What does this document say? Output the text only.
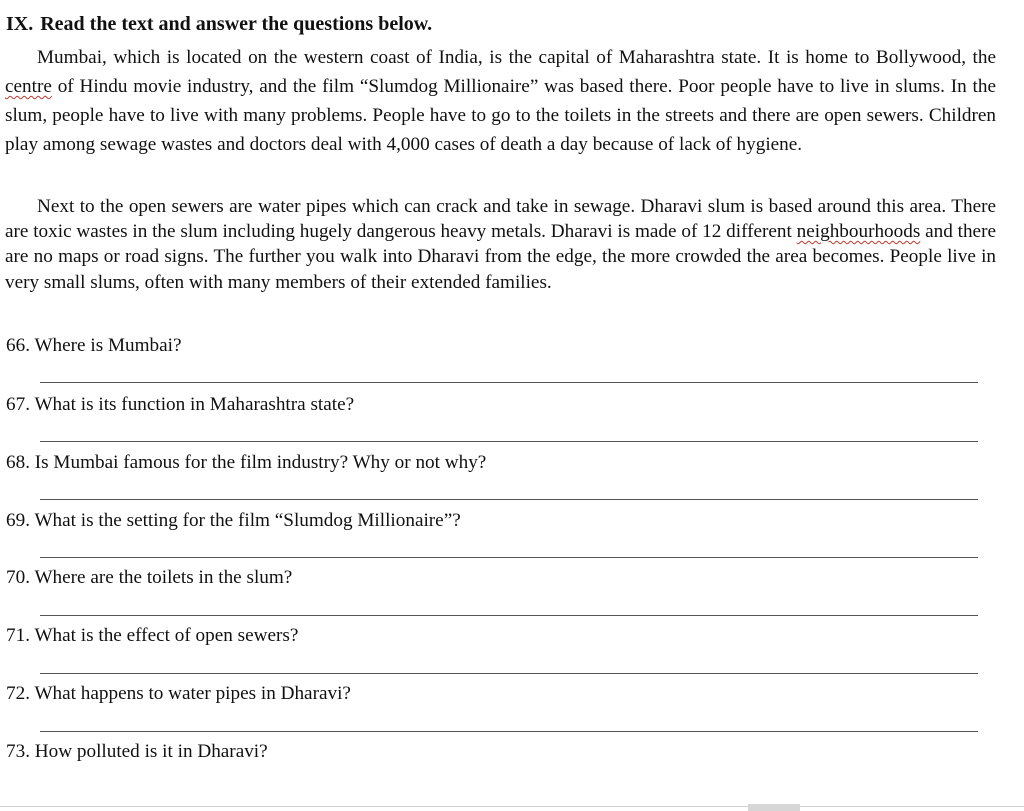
IX. Read the text and answer the questions below.

Mumbai, which is located on the western coast of India, is the capital of Maharashtra state. It is home to Bollywood, the centre of Hindu movie industry, and the film “Slumdog Millionaire” was based there. Poor people have to live in slums. In the slum, people have to live with many problems. People have to go to the toilets in the streets and there are open sewers. Children play among sewage wastes and doctors deal with 4,000 cases of death a day because of lack of hygiene.

Next to the open sewers are water pipes which can crack and take in sewage. Dharavi slum is based around this area. There are toxic wastes in the slum including hugely dangerous heavy metals. Dharavi is made of 12 different neighbourhoods and there are no maps or road signs. The further you walk into Dharavi from the edge, the more crowded the area becomes. People live in very small slums, often with many members of their extended families.

66. Where is Mumbai?
67. What is its function in Maharashtra state?
68. Is Mumbai famous for the film industry? Why or not why?
69. What is the setting for the film “Slumdog Millionaire”?
70. Where are the toilets in the slum?
71. What is the effect of open sewers?
72. What happens to water pipes in Dharavi?
73. How polluted is it in Dharavi?
